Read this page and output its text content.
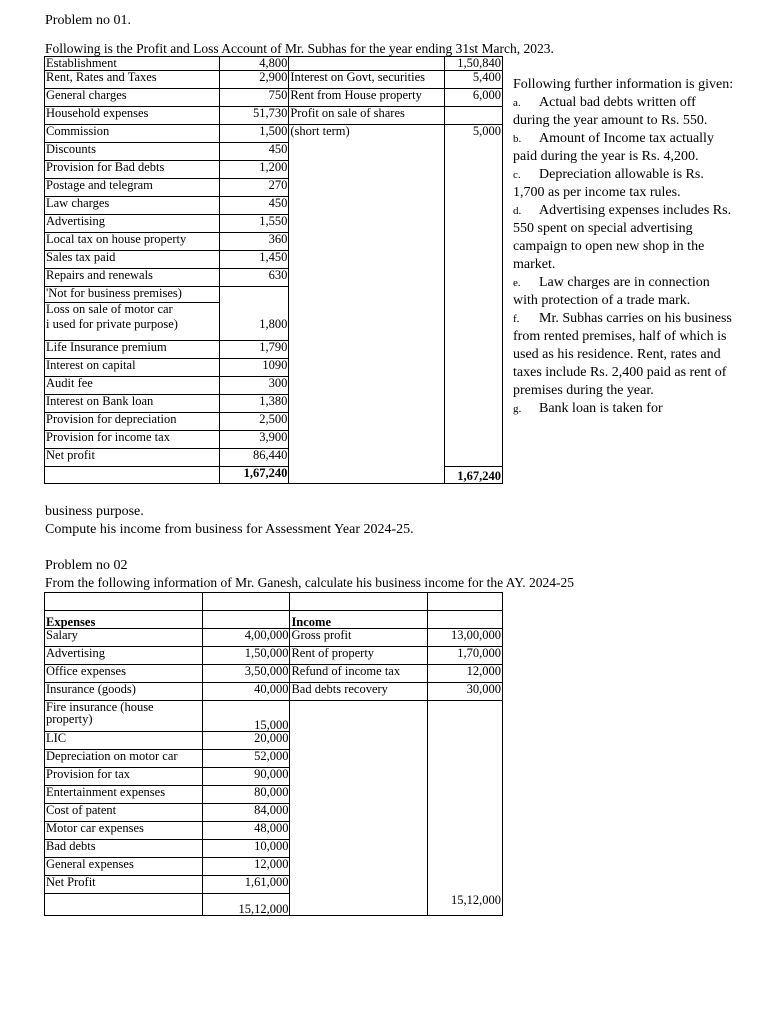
Problem no 01.
Following is the Profit and Loss Account of Mr. Subhas for the year ending 31st March, 2023.
Establishment	4,800		1,50,840
Rent, Rates and Taxes	2,900	Interest on Govt, securities	5,400
General charges	750	Rent from House property	6,000
Household expenses	51,730	Profit on sale of shares	
Commission	1,500	(short term)	5,000
Discounts	450		
Provision for Bad debts	1,200		
Postage and telegram	270		
Law charges	450		
Advertising	1,550		
Local tax on house property	360		
Sales tax paid	1,450		
Repairs and renewals	630		
'Not for business premises)			
Loss on sale of motor car			
i used for private purpose)	1,800		
Life Insurance premium	1,790		
Interest on capital	1090		
Audit fee	300		
Interest on Bank loan	1,380		
Provision for depreciation	2,500		
Provision for income tax	3,900		
Net profit	86,440		
	1,67,240		1,67,240

Following further information is given:

a. Actual bad debts written off during the year amount to Rs. 550.

b. Amount of Income tax actually paid during the year is Rs. 4,200.

c. Depreciation allowable is Rs. 1,700 as per income tax rules.

d. Advertising expenses includes Rs. 550 spent on special advertising campaign to open new shop in the market.

e. Law charges are in connection with protection of a trade mark.

f. Mr. Subhas carries on his business from rented premises, half of which is used as his residence. Rent, rates and taxes include Rs. 2,400 paid as rent of premises during the year.

g. Bank loan is taken for

business purpose.
Compute his income from business for Assessment Year 2024-25.
Problem no 02
From the following information of Mr. Ganesh, calculate his business income for the AY. 2024-25

Expenses		Income	
Salary	4,00,000	Gross profit	13,00,000
Advertising	1,50,000	Rent of property	1,70,000
Office expenses	3,50,000	Refund of income tax	12,000
Insurance (goods)	40,000	Bad debts recovery	30,000
Fire insurance (house property)	15,000		
LIC	20,000		
Depreciation on motor car	52,000		
Provision for tax	90,000		
Entertainment expenses	80,000		
Cost of patent	84,000		
Motor car expenses	48,000		
Bad debts	10,000		
General expenses	12,000		
Net Profit	1,61,000		
	15,12,000		15,12,000
